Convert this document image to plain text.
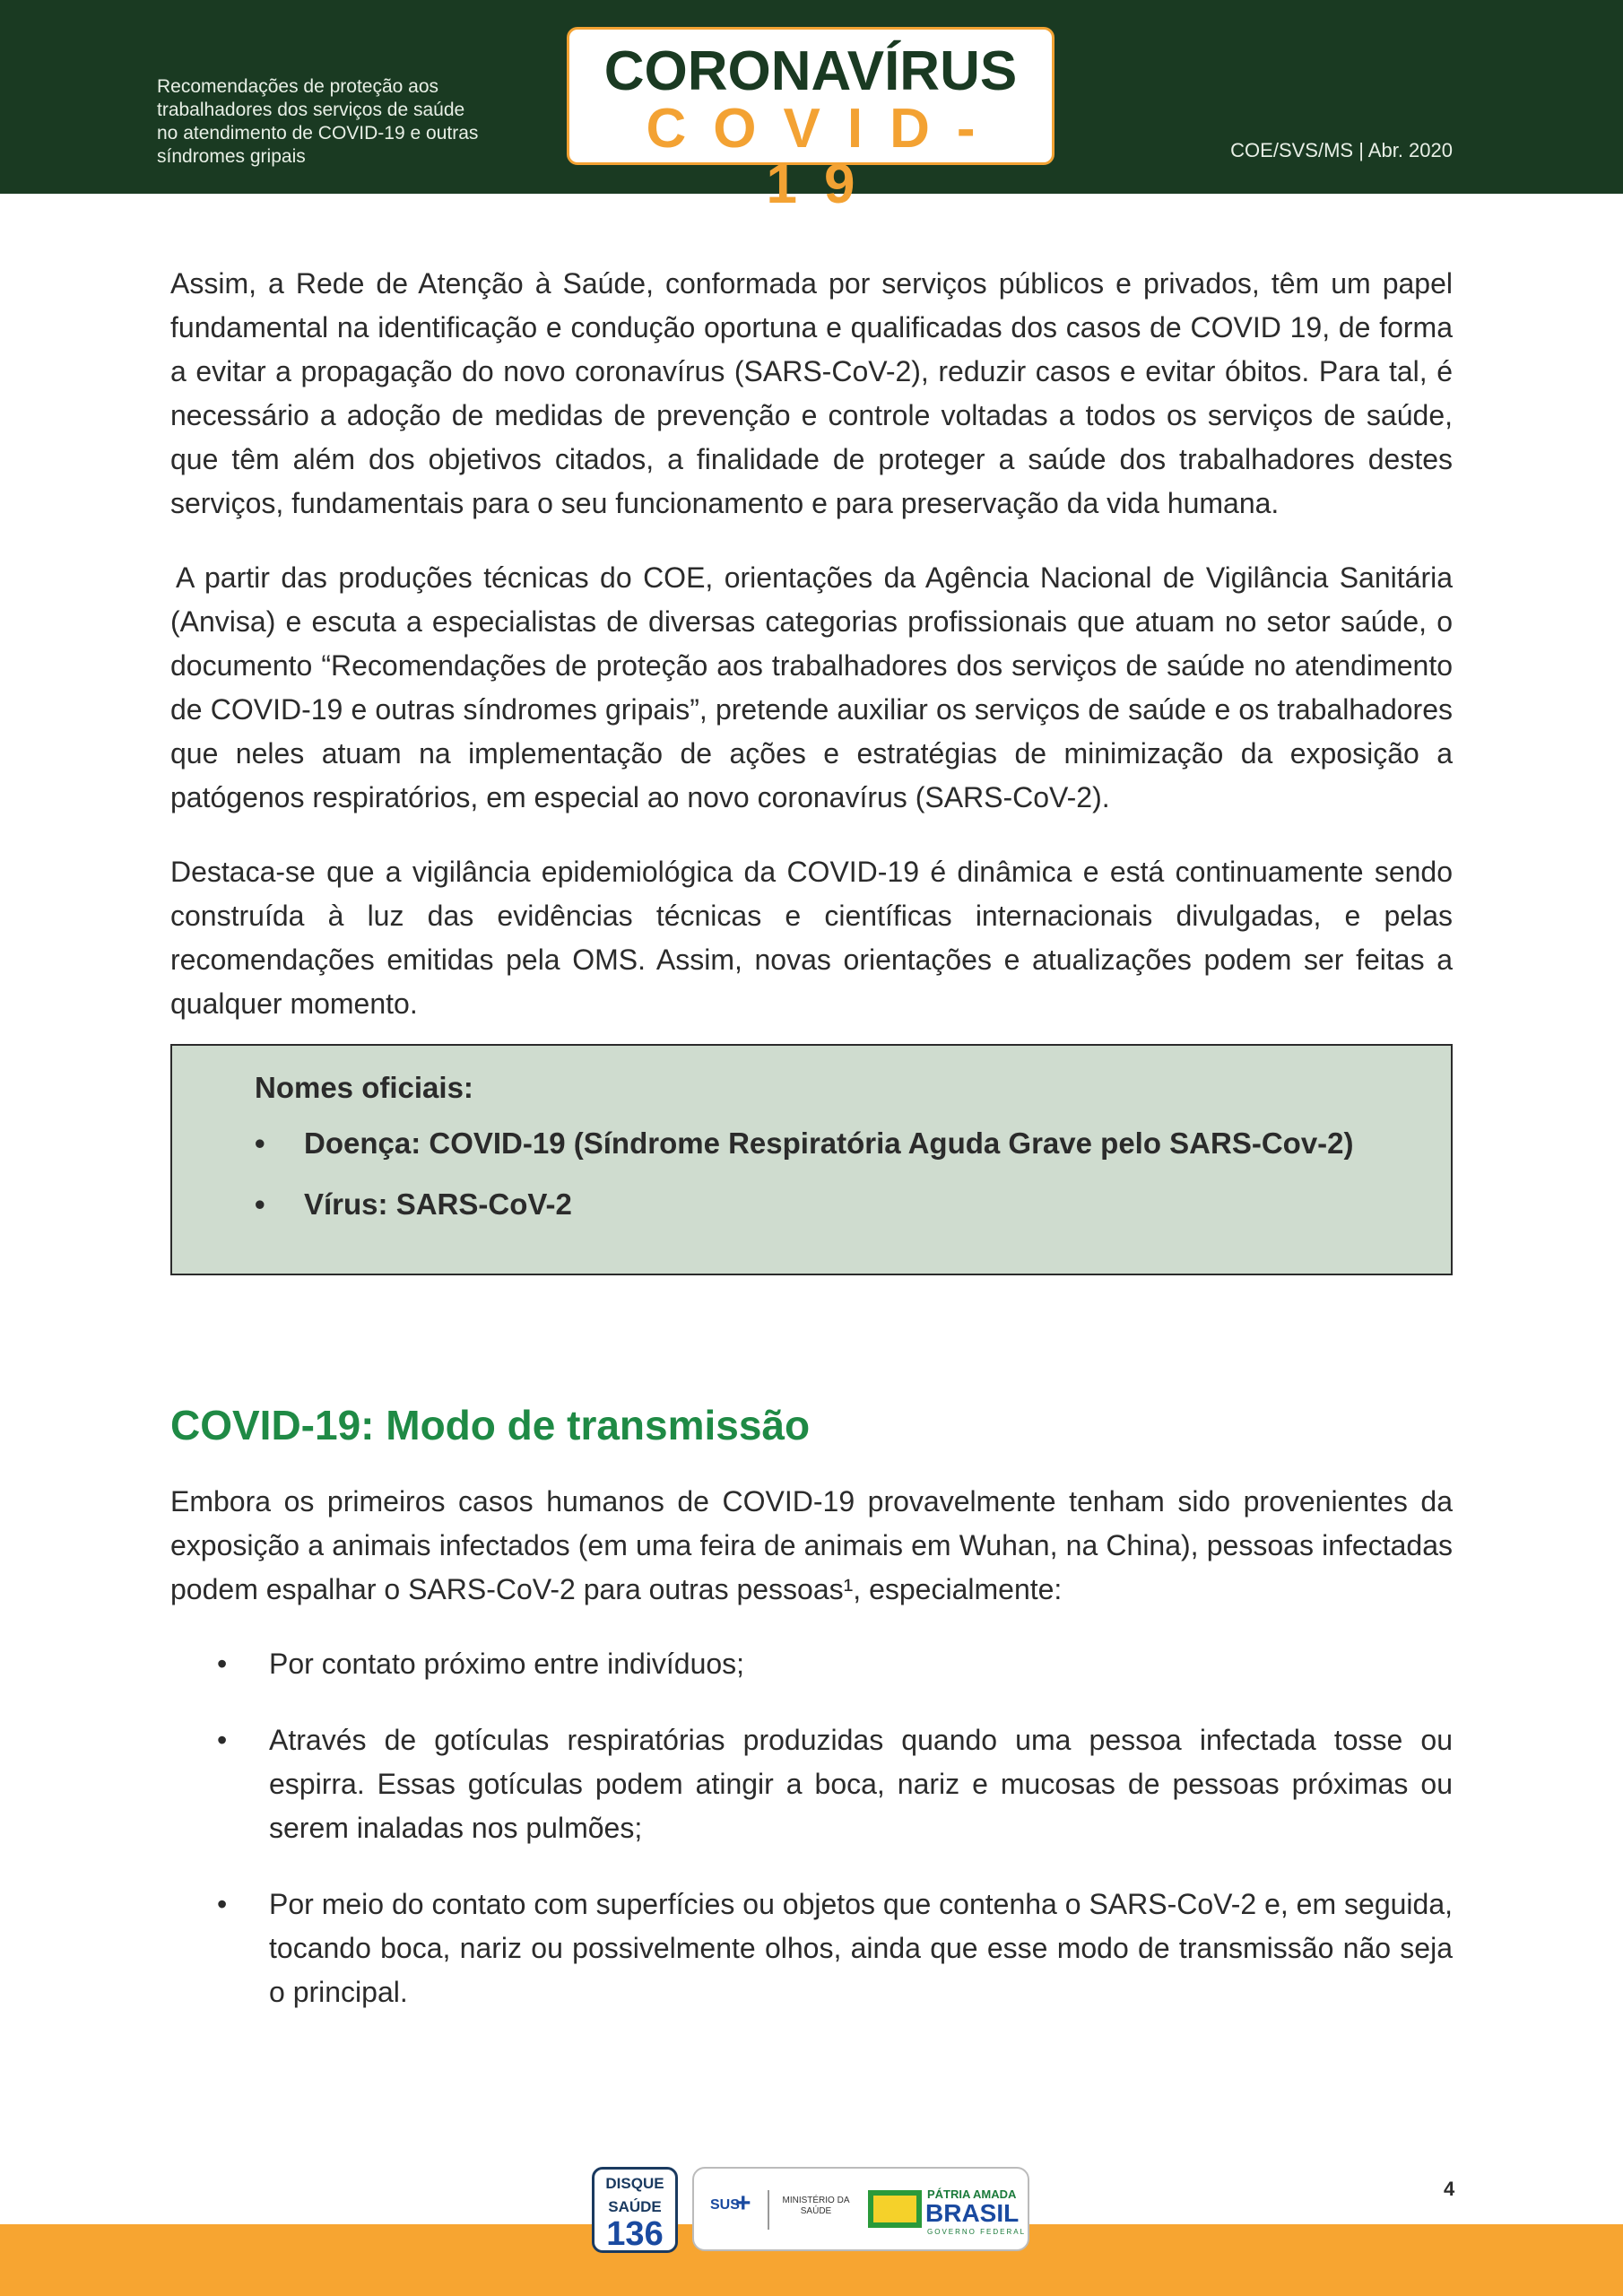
Recomendações de proteção aos
trabalhadores dos serviços de saúde
no atendimento de COVID-19 e outras
síndromes gripais
CORONAVÍRUS
COVID-19
COE/SVS/MS | Abr. 2020

Assim, a Rede de Atenção à Saúde, conformada por serviços públicos e privados, têm um papel fundamental na identificação e condução oportuna e qualificadas dos casos de COVID 19, de forma a evitar a propagação do novo coronavírus (SARS-CoV-2), reduzir casos e evitar óbitos. Para tal, é necessário a adoção de medidas de prevenção e controle voltadas a todos os serviços de saúde, que têm além dos objetivos citados, a finalidade de proteger a saúde dos trabalhadores destes serviços, fundamentais para o seu funcionamento e para preservação da vida humana.

A partir das produções técnicas do COE, orientações da Agência Nacional de Vigilância Sanitária (Anvisa) e escuta a especialistas de diversas categorias profissionais que atuam no setor saúde, o documento “Recomendações de proteção aos trabalhadores dos serviços de saúde no atendimento de COVID-19 e outras síndromes gripais”, pretende auxiliar os serviços de saúde e os trabalhadores que neles atuam na implementação de ações e estratégias de minimização da exposição a patógenos respiratórios, em especial ao novo coronavírus (SARS-CoV-2).

Destaca-se que a vigilância epidemiológica da COVID-19 é dinâmica e está continuamente sendo construída à luz das evidências técnicas e científicas internacionais divulgadas, e pelas recomendações emitidas pela OMS. Assim, novas orientações e atualizações podem ser feitas a qualquer momento.

Nomes oficiais:
• Doença: COVID-19 (Síndrome Respiratória Aguda Grave pelo SARS-Cov-2)
• Vírus: SARS-CoV-2
COVID-19: Modo de transmissão

Embora os primeiros casos humanos de COVID-19 provavelmente tenham sido provenientes da exposição a animais infectados (em uma feira de animais em Wuhan, na China), pessoas infectadas podem espalhar o SARS-CoV-2 para outras pessoas¹, especialmente:

• Por contato próximo entre indivíduos;
• Através de gotículas respiratórias produzidas quando uma pessoa infectada tosse ou espirra. Essas gotículas podem atingir a boca, nariz e mucosas de pessoas próximas ou serem inaladas nos pulmões;
• Por meio do contato com superfícies ou objetos que contenha o SARS-CoV-2 e, em seguida, tocando boca, nariz ou possivelmente olhos, ainda que esse modo de transmissão não seja o principal.
DISQUE
SAÚDE
136
SUS
+	MINISTÉRIO DA SAÚDE
PÁTRIA AMADA
BRASIL
GOVERNO FEDERAL
4
